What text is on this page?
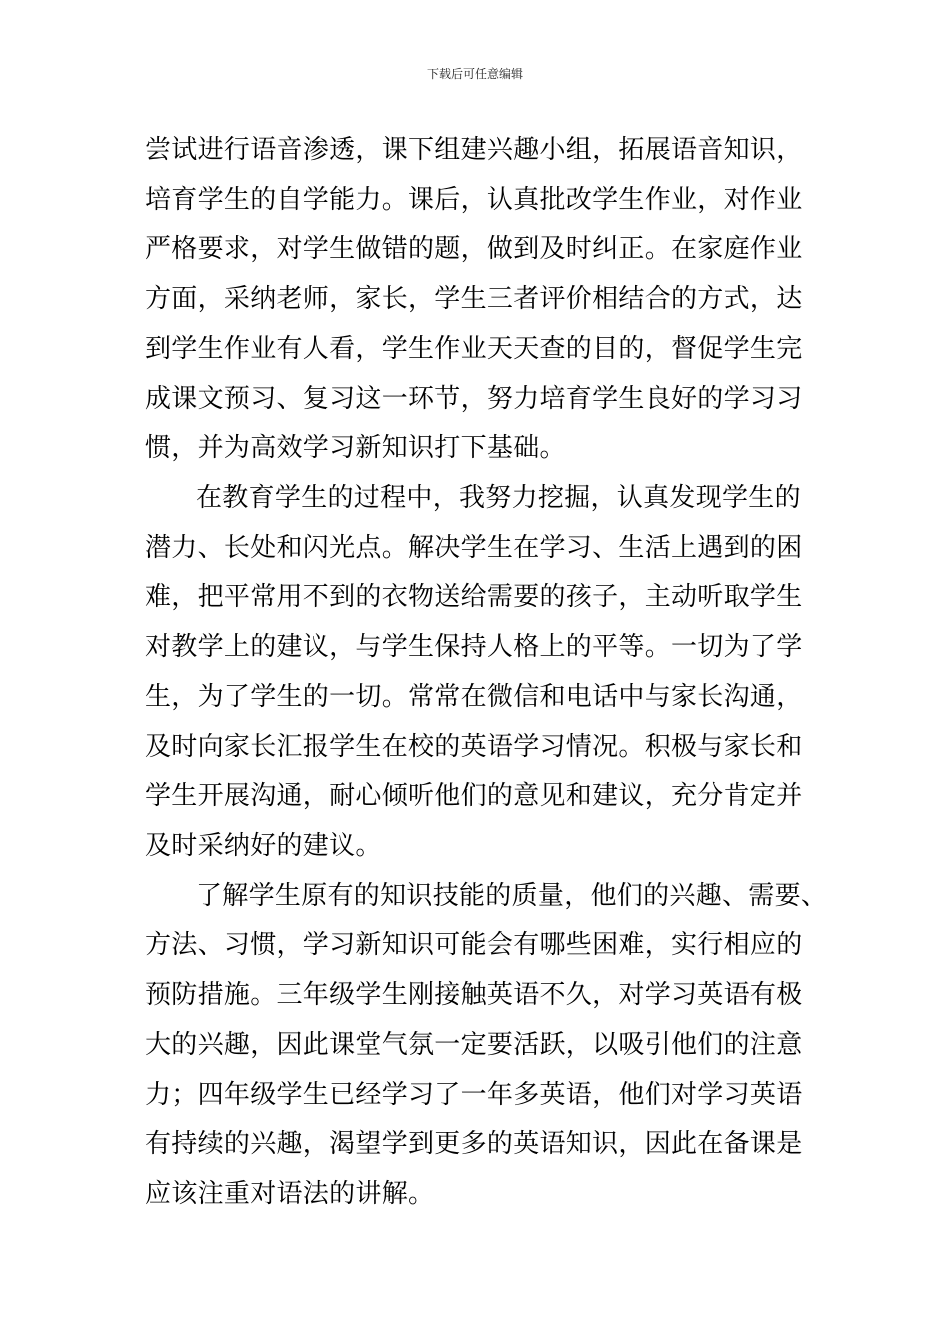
下载后可任意编辑
尝试进行语音渗透，课下组建兴趣小组，拓展语音知识，
培育学生的自学能力。课后，认真批改学生作业，对作业
严格要求，对学生做错的题，做到及时纠正。在家庭作业
方面，采纳老师，家长，学生三者评价相结合的方式，达
到学生作业有人看，学生作业天天查的目的，督促学生完
成课文预习、复习这一环节，努力培育学生良好的学习习
惯，并为高效学习新知识打下基础。
在教育学生的过程中，我努力挖掘，认真发现学生的
潜力、长处和闪光点。解决学生在学习、生活上遇到的困
难，把平常用不到的衣物送给需要的孩子，主动听取学生
对教学上的建议，与学生保持人格上的平等。一切为了学
生，为了学生的一切。常常在微信和电话中与家长沟通，
及时向家长汇报学生在校的英语学习情况。积极与家长和
学生开展沟通，耐心倾听他们的意见和建议，充分肯定并
及时采纳好的建议。
了解学生原有的知识技能的质量，他们的兴趣、需要、
方法、习惯，学习新知识可能会有哪些困难，实行相应的
预防措施。三年级学生刚接触英语不久，对学习英语有极
大的兴趣，因此课堂气氛一定要活跃，以吸引他们的注意
力；四年级学生已经学习了一年多英语，他们对学习英语
有持续的兴趣，渴望学到更多的英语知识，因此在备课是
应该注重对语法的讲解。
